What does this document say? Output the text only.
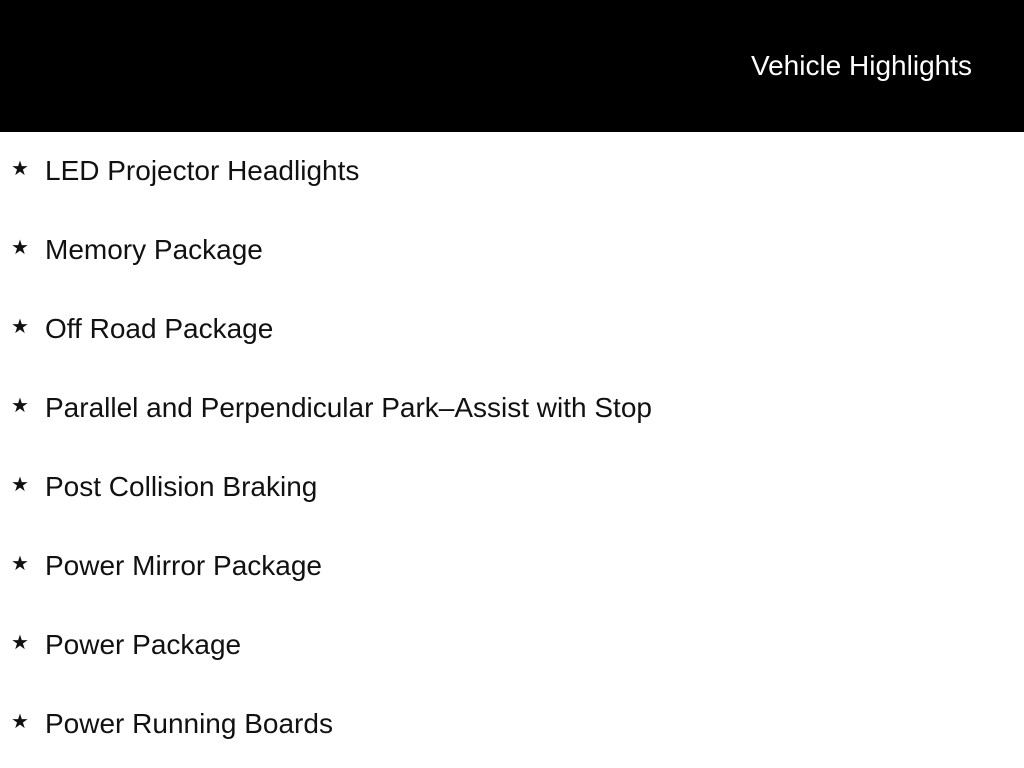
Vehicle Highlights
★ LED Projector Headlights
★ Memory Package
★ Off Road Package
★ Parallel and Perpendicular Park–Assist with Stop
★ Post Collision Braking
★ Power Mirror Package
★ Power Package
★ Power Running Boards
